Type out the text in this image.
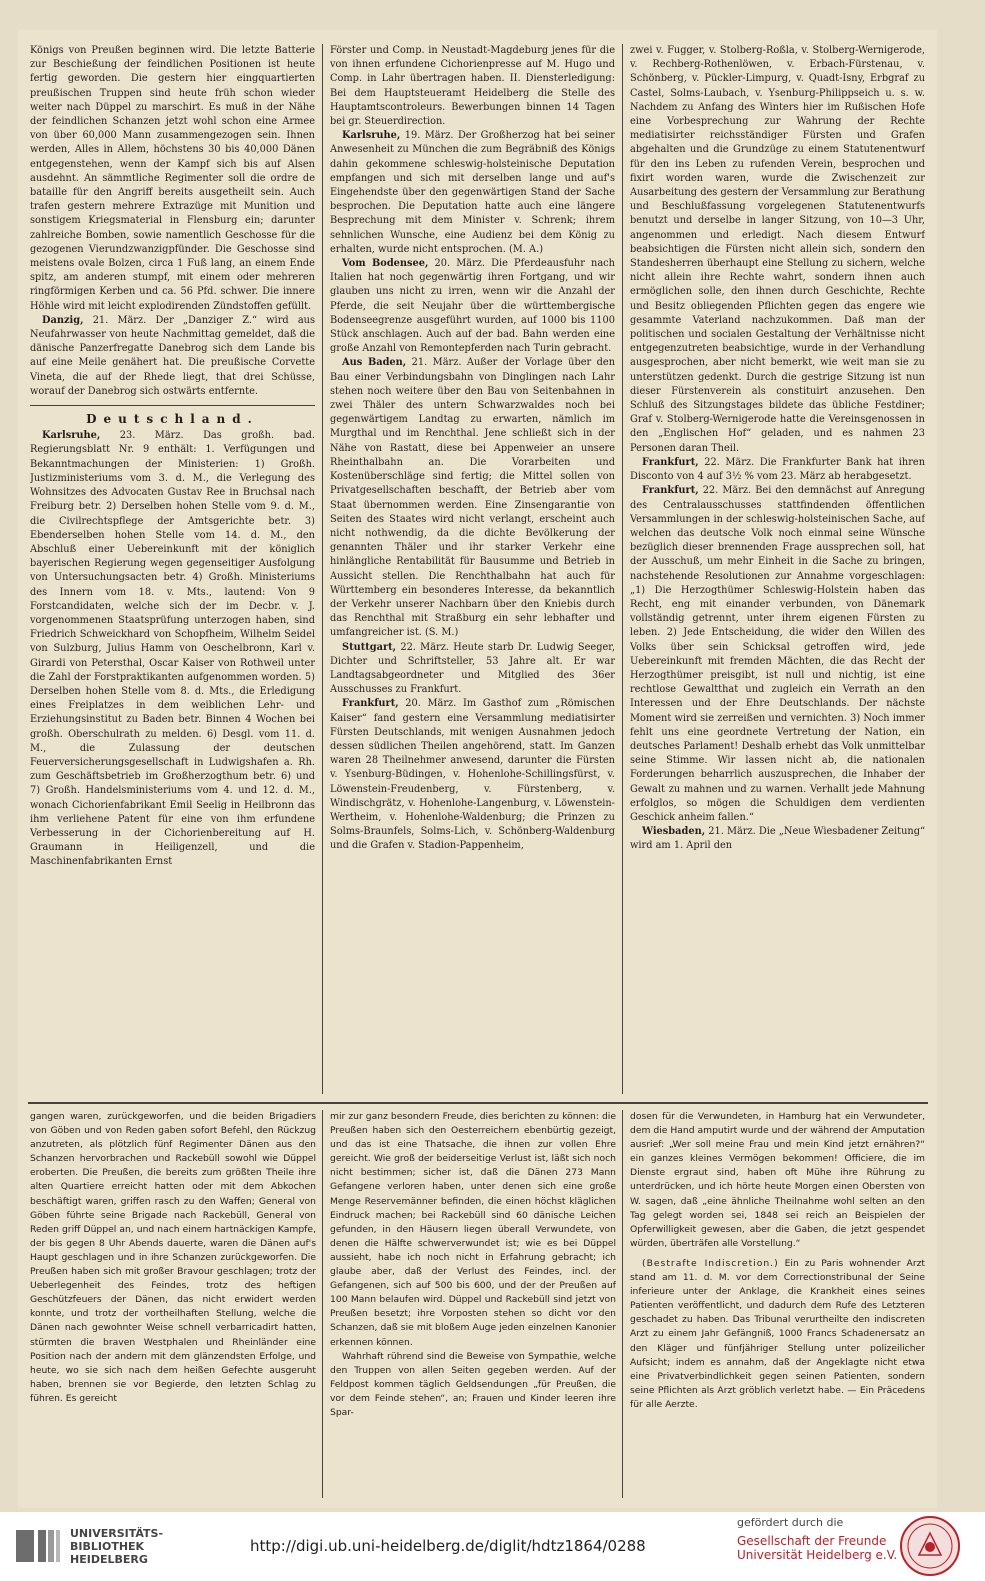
Königs von Preußen beginnen wird. Die letzte Batterie zur Beschießung der feindlichen Positionen ist heute fertig geworden. Die gestern hier eingquartierten preußischen Truppen sind heute früh schon wieder weiter nach Düppel zu marschirt. Es muß in der Nähe der feindlichen Schanzen jetzt wohl schon eine Armee von über 60,000 Mann zusammengezogen sein. Ihnen werden, Alles in Allem, höchstens 30 bis 40,000 Dänen entgegenstehen, wenn der Kampf sich bis auf Alsen ausdehnt. An sämmtliche Regimenter soll die ordre de bataille für den Angriff bereits ausgetheilt sein. Auch trafen gestern mehrere Extrazüge mit Munition und sonstigem Kriegsmaterial in Flensburg ein; darunter zahlreiche Bomben, sowie namentlich Geschosse für die gezogenen Vierundzwanzigpfünder. Die Geschosse sind meistens ovale Bolzen, circa 1 Fuß lang, an einem Ende spitz, am anderen stumpf, mit einem oder mehreren ringförmigen Kerben und ca. 56 Pfd. schwer. Die innere Höhle wird mit leicht explodirenden Zündstoffen gefüllt.

Danzig, 21. März. Der „Danziger Z.“ wird aus Neufahrwasser von heute Nachmittag gemeldet, daß die dänische Panzerfregatte Danebrog sich dem Lande bis auf eine Meile genähert hat. Die preußische Corvette Vineta, die auf der Rhede liegt, that drei Schüsse, worauf der Danebrog sich ostwärts entfernte.

Deutschland.

Karlsruhe, 23. März. Das großh. bad. Regierungsblatt Nr. 9 enthält: 1. Verfügungen und Bekanntmachungen der Ministerien: 1) Großh. Justizministeriums vom 3. d. M., die Verlegung des Wohnsitzes des Advocaten Gustav Ree in Bruchsal nach Freiburg betr. 2) Derselben hohen Stelle vom 9. d. M., die Civilrechtspflege der Amtsgerichte betr. 3) Ebenderselben hohen Stelle vom 14. d. M., den Abschluß einer Uebereinkunft mit der königlich bayerischen Regierung wegen gegenseitiger Ausfolgung von Untersuchungsacten betr. 4) Großh. Ministeriums des Innern vom 18. v. Mts., lautend: Von 9 Forstcandidaten, welche sich der im Decbr. v. J. vorgenommenen Staatsprüfung unterzogen haben, sind Friedrich Schweickhard von Schopfheim, Wilhelm Seidel von Sulzburg, Julius Hamm von Oeschelbronn, Karl v. Girardi von Petersthal, Oscar Kaiser von Rothweil unter die Zahl der Forstpraktikanten aufgenommen worden. 5) Derselben hohen Stelle vom 8. d. Mts., die Erledigung eines Freiplatzes in dem weiblichen Lehr- und Erziehungsinstitut zu Baden betr. Binnen 4 Wochen bei großh. Oberschulrath zu melden. 6) Desgl. vom 11. d. M., die Zulassung der deutschen Feuerversicherungsgesellschaft in Ludwigshafen a. Rh. zum Geschäftsbetrieb im Großherzogthum betr. 6) und 7) Großh. Handelsministeriums vom 4. und 12. d. M., wonach Cichorienfabrikant Emil Seelig in Heilbronn das ihm verliehene Patent für eine von ihm erfundene Verbesserung in der Cichorienbereitung auf H. Graumann in Heiligenzell, und die Maschinenfabrikanten Ernst

Förster und Comp. in Neustadt-Magdeburg jenes für die von ihnen erfundene Cichorienpresse auf M. Hugo und Comp. in Lahr übertragen haben. II. Diensterledigung: Bei dem Hauptsteueramt Heidelberg die Stelle des Hauptamtscontroleurs. Bewerbungen binnen 14 Tagen bei gr. Steuerdirection.

Karlsruhe, 19. März. Der Großherzog hat bei seiner Anwesenheit zu München die zum Begräbniß des Königs dahin gekommene schleswig-holsteinische Deputation empfangen und sich mit derselben lange und auf's Eingehendste über den gegenwärtigen Stand der Sache besprochen. Die Deputation hatte auch eine längere Besprechung mit dem Minister v. Schrenk; ihrem sehnlichen Wunsche, eine Audienz bei dem König zu erhalten, wurde nicht entsprochen. (M. A.)

Vom Bodensee, 20. März. Die Pferdeausfuhr nach Italien hat noch gegenwärtig ihren Fortgang, und wir glauben uns nicht zu irren, wenn wir die Anzahl der Pferde, die seit Neujahr über die württembergische Bodenseegrenze ausgeführt wurden, auf 1000 bis 1100 Stück anschlagen. Auch auf der bad. Bahn werden eine große Anzahl von Remontepferden nach Turin gebracht.

Aus Baden, 21. März. Außer der Vorlage über den Bau einer Verbindungsbahn von Dinglingen nach Lahr stehen noch weitere über den Bau von Seitenbahnen in zwei Thäler des untern Schwarzwaldes noch bei gegenwärtigem Landtag zu erwarten, nämlich im Murgthal und im Renchthal. Jene schließt sich in der Nähe von Rastatt, diese bei Appenweier an unsere Rheinthalbahn an. Die Vorarbeiten und Kostenüberschläge sind fertig; die Mittel sollen von Privatgesellschaften beschafft, der Betrieb aber vom Staat übernommen werden. Eine Zinsengarantie von Seiten des Staates wird nicht verlangt, erscheint auch nicht nothwendig, da die dichte Bevölkerung der genannten Thäler und ihr starker Verkehr eine hinlängliche Rentabilität für Bausumme und Betrieb in Aussicht stellen. Die Renchthalbahn hat auch für Württemberg ein besonderes Interesse, da bekanntlich der Verkehr unserer Nachbarn über den Kniebis durch das Renchthal mit Straßburg ein sehr lebhafter und umfangreicher ist. (S. M.)

Stuttgart, 22. März. Heute starb Dr. Ludwig Seeger, Dichter und Schriftsteller, 53 Jahre alt. Er war Landtagsabgeordneter und Mitglied des 36er Ausschusses zu Frankfurt.

Frankfurt, 20. März. Im Gasthof zum „Römischen Kaiser“ fand gestern eine Versammlung mediatisirter Fürsten Deutschlands, mit wenigen Ausnahmen jedoch dessen südlichen Theilen angehörend, statt. Im Ganzen waren 28 Theilnehmer anwesend, darunter die Fürsten v. Ysenburg-Büdingen, v. Hohenlohe-Schillingsfürst, v. Löwenstein-Freudenberg, v. Fürstenberg, v. Windischgrätz, v. Hohenlohe-Langenburg, v. Löwenstein-Wertheim, v. Hohenlohe-Waldenburg; die Prinzen zu Solms-Braunfels, Solms-Lich, v. Schönberg-Waldenburg und die Grafen v. Stadion-Pappenheim,

zwei v. Fugger, v. Stolberg-Roßla, v. Stolberg-Wernigerode, v. Rechberg-Rothenlöwen, v. Erbach-Fürstenau, v. Schönberg, v. Pückler-Limpurg, v. Quadt-Isny, Erbgraf zu Castel, Solms-Laubach, v. Ysenburg-Philippseich u. s. w. Nachdem zu Anfang des Winters hier im Rußischen Hofe eine Vorbesprechung zur Wahrung der Rechte mediatisirter reichsständiger Fürsten und Grafen abgehalten und die Grundzüge zu einem Statutenentwurf für den ins Leben zu rufenden Verein, besprochen und fixirt worden waren, wurde die Zwischenzeit zur Ausarbeitung des gestern der Versammlung zur Berathung und Beschlußfassung vorgelegenen Statutenentwurfs benutzt und derselbe in langer Sitzung, von 10—3 Uhr, angenommen und erledigt. Nach diesem Entwurf beabsichtigen die Fürsten nicht allein sich, sondern den Standesherren überhaupt eine Stellung zu sichern, welche nicht allein ihre Rechte wahrt, sondern ihnen auch ermöglichen solle, den ihnen durch Geschichte, Rechte und Besitz obliegenden Pflichten gegen das engere wie gesammte Vaterland nachzukommen. Daß man der politischen und socialen Gestaltung der Verhältnisse nicht entgegenzutreten beabsichtige, wurde in der Verhandlung ausgesprochen, aber nicht bemerkt, wie weit man sie zu unterstützen gedenkt. Durch die gestrige Sitzung ist nun dieser Fürstenverein als constituirt anzusehen. Den Schluß des Sitzungstages bildete das übliche Festdiner; Graf v. Stolberg-Wernigerode hatte die Vereinsgenossen in den „Englischen Hof“ geladen, und es nahmen 23 Personen daran Theil.

Frankfurt, 22. März. Die Frankfurter Bank hat ihren Disconto von 4 auf 3½ % vom 23. März ab herabgesetzt.

Frankfurt, 22. März. Bei den demnächst auf Anregung des Centralausschusses stattfindenden öffentlichen Versammlungen in der schleswig-holsteinischen Sache, auf welchen das deutsche Volk noch einmal seine Wünsche bezüglich dieser brennenden Frage aussprechen soll, hat der Ausschuß, um mehr Einheit in die Sache zu bringen, nachstehende Resolutionen zur Annahme vorgeschlagen: „1) Die Herzogthümer Schleswig-Holstein haben das Recht, eng mit einander verbunden, von Dänemark vollständig getrennt, unter ihrem eigenen Fürsten zu leben. 2) Jede Entscheidung, die wider den Willen des Volks über sein Schicksal getroffen wird, jede Uebereinkunft mit fremden Mächten, die das Recht der Herzogthümer preisgibt, ist null und nichtig, ist eine rechtlose Gewaltthat und zugleich ein Verrath an den Interessen und der Ehre Deutschlands. Der nächste Moment wird sie zerreißen und vernichten. 3) Noch immer fehlt uns eine geordnete Vertretung der Nation, ein deutsches Parlament! Deshalb erhebt das Volk unmittelbar seine Stimme. Wir lassen nicht ab, die nationalen Forderungen beharrlich auszusprechen, die Inhaber der Gewalt zu mahnen und zu warnen. Verhallt jede Mahnung erfolglos, so mögen die Schuldigen dem verdienten Geschick anheim fallen.“

Wiesbaden, 21. März. Die „Neue Wiesbadener Zeitung“ wird am 1. April den

gangen waren, zurückgeworfen, und die beiden Brigadiers von Göben und von Reden gaben sofort Befehl, den Rückzug anzutreten, als plötzlich fünf Regimenter Dänen aus den Schanzen hervorbrachen und Rackebüll sowohl wie Düppel eroberten. Die Preußen, die bereits zum größten Theile ihre alten Quartiere erreicht hatten oder mit dem Abkochen beschäftigt waren, griffen rasch zu den Waffen; General von Göben führte seine Brigade nach Rackebüll, General von Reden griff Düppel an, und nach einem hartnäckigen Kampfe, der bis gegen 8 Uhr Abends dauerte, waren die Dänen auf's Haupt geschlagen und in ihre Schanzen zurückgeworfen. Die Preußen haben sich mit großer Bravour geschlagen; trotz der Ueberlegenheit des Feindes, trotz des heftigen Geschützfeuers der Dänen, das nicht erwidert werden konnte, und trotz der vortheilhaften Stellung, welche die Dänen nach gewohnter Weise schnell verbarricadirt hatten, stürmten die braven Westphalen und Rheinländer eine Position nach der andern mit dem glänzendsten Erfolge, und heute, wo sie sich nach dem heißen Gefechte ausgeruht haben, brennen sie vor Begierde, den letzten Schlag zu führen. Es gereicht

mir zur ganz besondern Freude, dies berichten zu können: die Preußen haben sich den Oesterreichern ebenbürtig gezeigt, und das ist eine Thatsache, die ihnen zur vollen Ehre gereicht. Wie groß der beiderseitige Verlust ist, läßt sich noch nicht bestimmen; sicher ist, daß die Dänen 273 Mann Gefangene verloren haben, unter denen sich eine große Menge Reservemänner befinden, die einen höchst kläglichen Eindruck machen; bei Rackebüll sind 60 dänische Leichen gefunden, in den Häusern liegen überall Verwundete, von denen die Hälfte schwerverwundet ist; wie es bei Düppel aussieht, habe ich noch nicht in Erfahrung gebracht; ich glaube aber, daß der Verlust des Feindes, incl. der Gefangenen, sich auf 500 bis 600, und der der Preußen auf 100 Mann belaufen wird. Düppel und Rackebüll sind jetzt von Preußen besetzt; ihre Vorposten stehen so dicht vor den Schanzen, daß sie mit bloßem Auge jeden einzelnen Kanonier erkennen können.

Wahrhaft rührend sind die Beweise von Sympathie, welche den Truppen von allen Seiten gegeben werden. Auf der Feldpost kommen täglich Geldsendungen „für Preußen, die vor dem Feinde stehen“, an; Frauen und Kinder leeren ihre Spar-

dosen für die Verwundeten, in Hamburg hat ein Verwundeter, dem die Hand amputirt wurde und der während der Amputation ausrief: „Wer soll meine Frau und mein Kind jetzt ernähren?“ ein ganzes kleines Vermögen bekommen! Officiere, die im Dienste ergraut sind, haben oft Mühe ihre Rührung zu unterdrücken, und ich hörte heute Morgen einen Obersten von W. sagen, daß „eine ähnliche Theilnahme wohl selten an den Tag gelegt worden sei, 1848 sei reich an Beispielen der Opferwilligkeit gewesen, aber die Gaben, die jetzt gespendet würden, überträfen alle Vorstellung.“

(Bestrafte Indiscretion.) Ein zu Paris wohnender Arzt stand am 11. d. M. vor dem Correctionstribunal der Seine inferieure unter der Anklage, die Krankheit eines seines Patienten veröffentlicht, und dadurch dem Rufe des Letzteren geschadet zu haben. Das Tribunal verurtheilte den indiscreten Arzt zu einem Jahr Gefängniß, 1000 Francs Schadenersatz an den Kläger und fünfjähriger Stellung unter polizeilicher Aufsicht; indem es annahm, daß der Angeklagte nicht etwa eine Privatverbindlichkeit gegen seinen Patienten, sondern seine Pflichten als Arzt gröblich verletzt habe. — Ein Präcedens für alle Aerzte.

UNIVERSITÄTS-
BIBLIOTHEK
HEIDELBERG
http://digi.ub.uni-heidelberg.de/diglit/hdtz1864/0288
gefördert durch die
Gesellschaft der Freunde
Universität Heidelberg e.V.
